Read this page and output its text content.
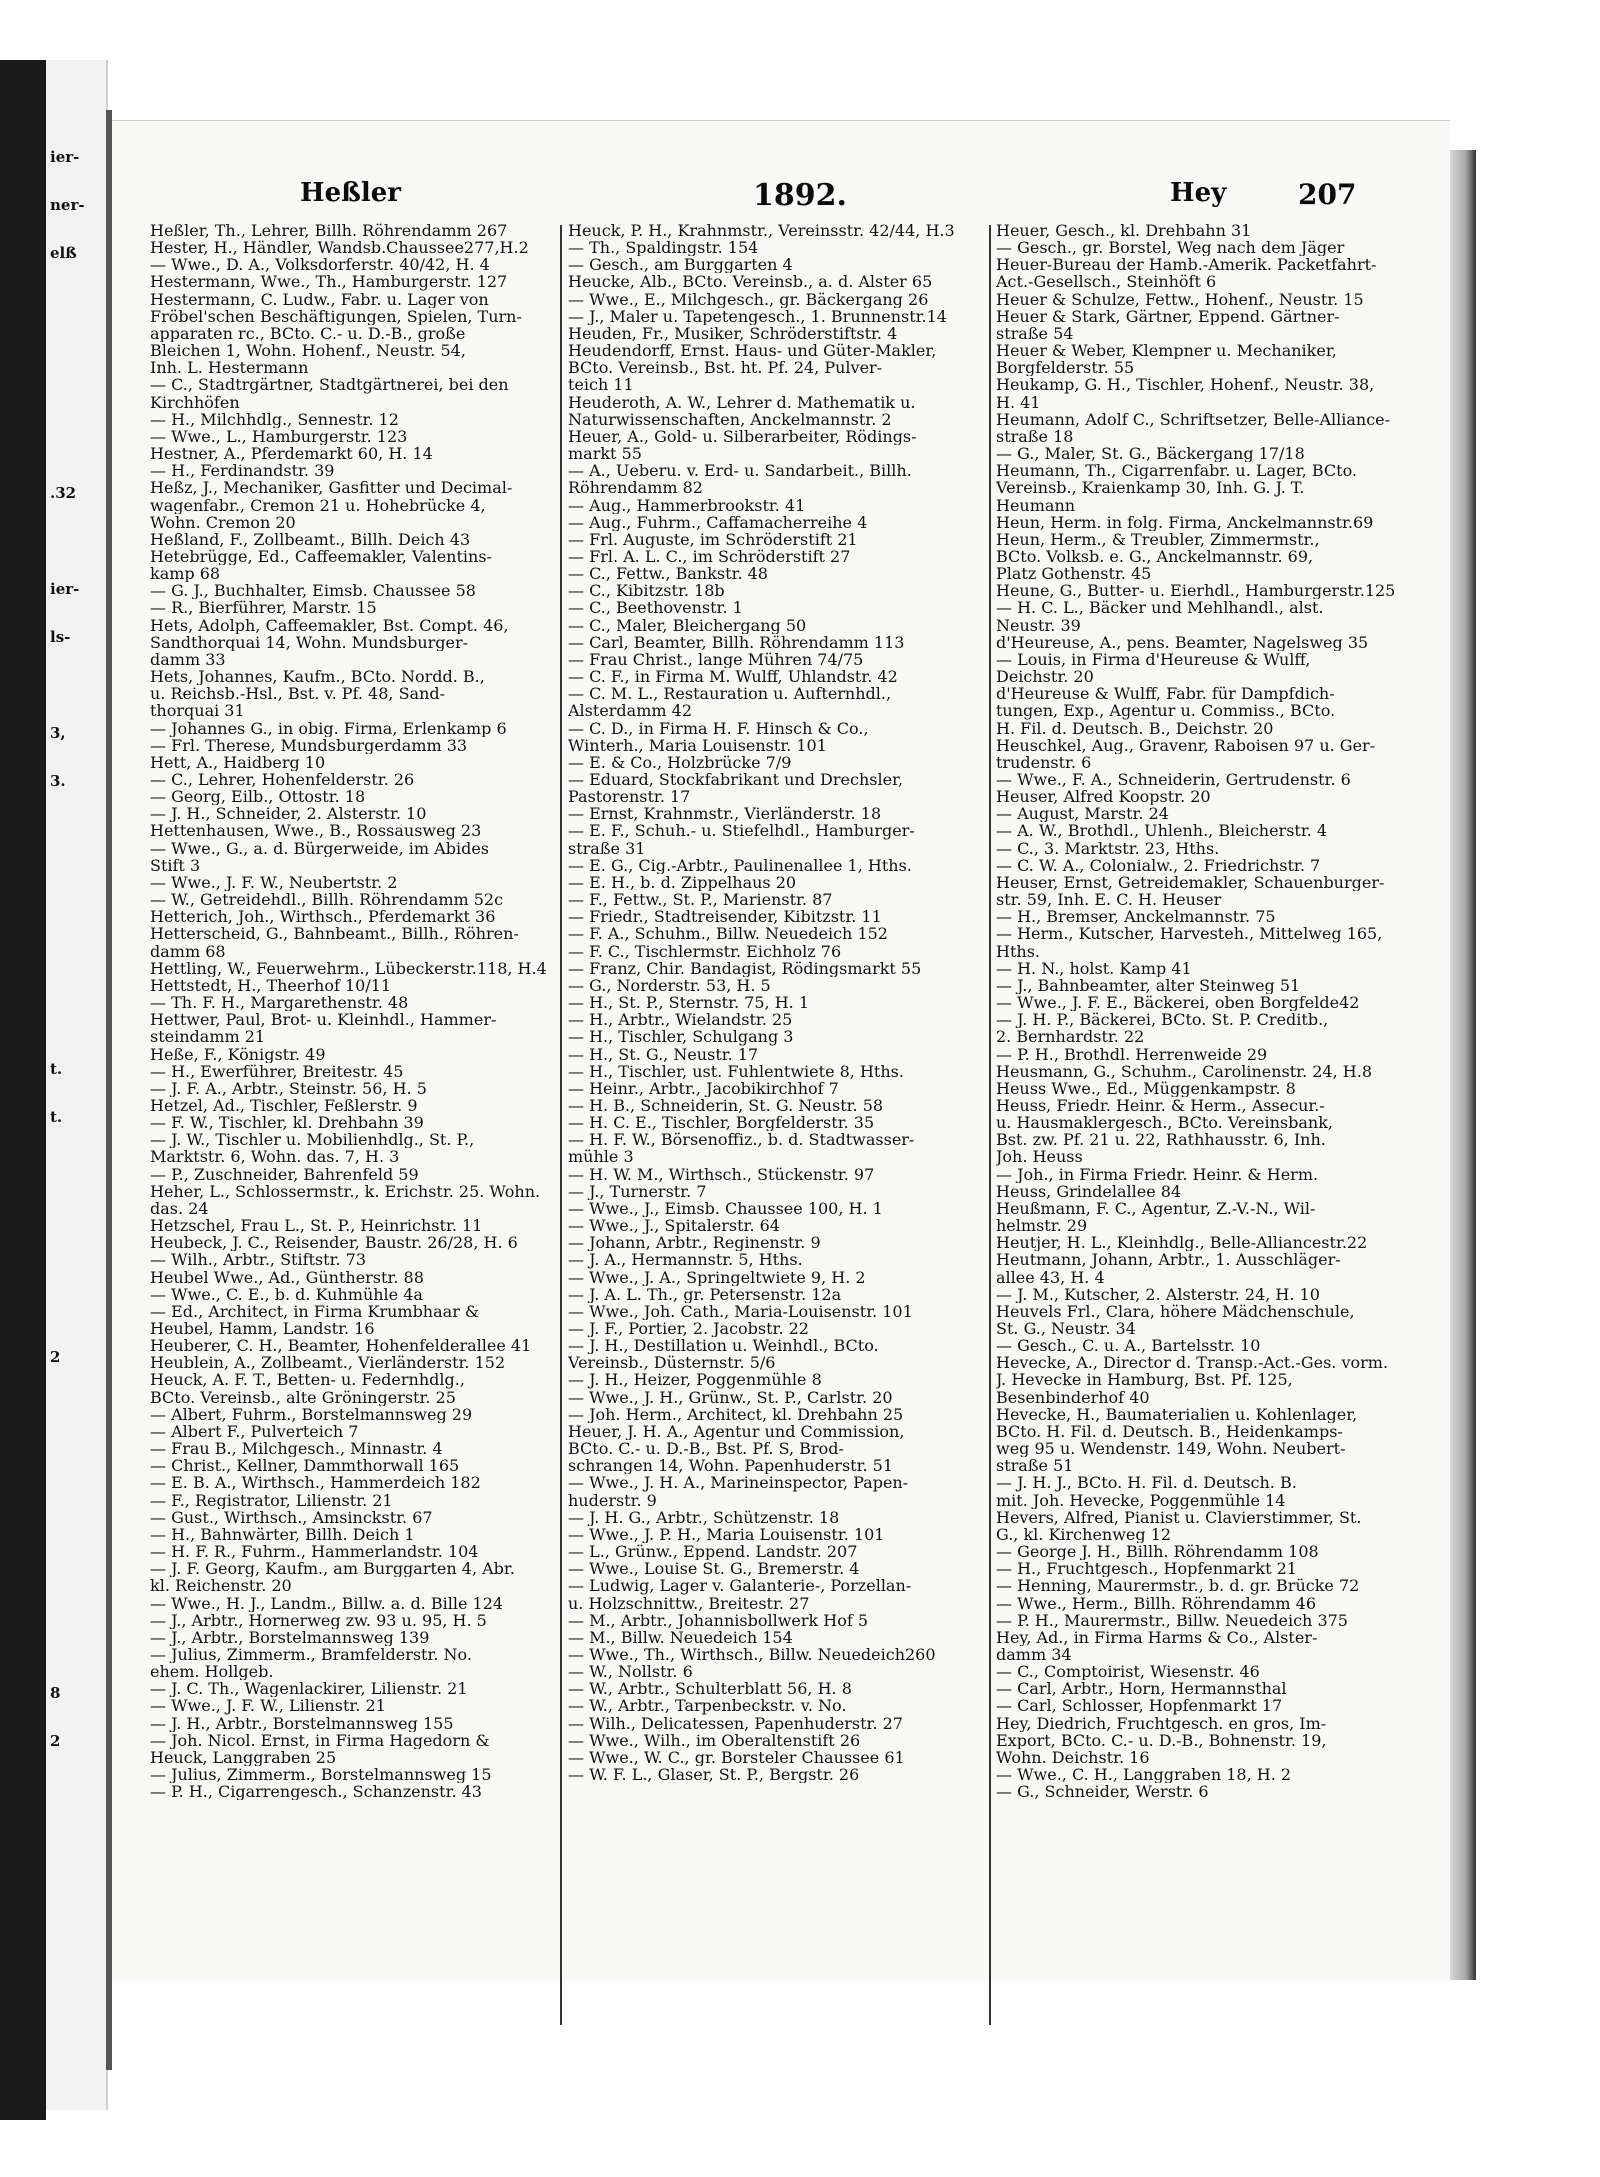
ier-
ner-
elß
.32
ier-
ls-
3,
3.
t.
t.
2
8
2
Heßler	1892.	Hey	207
Heßler, Th., Lehrer, Billh. Röhrendamm 267
Hester, H., Händler, Wandsb.Chaussee277,H.2
— Wwe., D. A., Volksdorferstr. 40/42, H. 4
Hestermann, Wwe., Th., Hamburgerstr. 127
Hestermann, C. Ludw., Fabr. u. Lager von
Fröbel'schen Beschäftigungen, Spielen, Turn-
apparaten rc., BCto. C.- u. D.-B., große
Bleichen 1, Wohn. Hohenf., Neustr. 54,
Inh. L. Hestermann
— C., Stadtrgärtner, Stadtgärtnerei, bei den
Kirchhöfen
— H., Milchhdlg., Sennestr. 12
— Wwe., L., Hamburgerstr. 123
Hestner, A., Pferdemarkt 60, H. 14
— H., Ferdinandstr. 39
Heßz, J., Mechaniker, Gasfitter und Decimal-
wagenfabr., Cremon 21 u. Hohebrücke 4,
Wohn. Cremon 20
Heßland, F., Zollbeamt., Billh. Deich 43
Hetebrügge, Ed., Caffeemakler, Valentins-
kamp 68
— G. J., Buchhalter, Eimsb. Chaussee 58
— R., Bierführer, Marstr. 15
Hets, Adolph, Caffeemakler, Bst. Compt. 46,
Sandthorquai 14, Wohn. Mundsburger-
damm 33
Hets, Johannes, Kaufm., BCto. Nordd. B.,
u. Reichsb.-Hsl., Bst. v. Pf. 48, Sand-
thorquai 31
— Johannes G., in obig. Firma, Erlenkamp 6
— Frl. Therese, Mundsburgerdamm 33
Hett, A., Haidberg 10
— C., Lehrer, Hohenfelderstr. 26
— Georg, Eilb., Ottostr. 18
— J. H., Schneider, 2. Alsterstr. 10
Hettenhausen, Wwe., B., Rossausweg 23
— Wwe., G., a. d. Bürgerweide, im Abides
Stift 3
— Wwe., J. F. W., Neubertstr. 2
— W., Getreidehdl., Billh. Röhrendamm 52c
Hetterich, Joh., Wirthsch., Pferdemarkt 36
Hetterscheid, G., Bahnbeamt., Billh., Röhren-
damm 68
Hettling, W., Feuerwehrm., Lübeckerstr.118, H.4
Hettstedt, H., Theerhof 10/11
— Th. F. H., Margarethenstr. 48
Hettwer, Paul, Brot- u. Kleinhdl., Hammer-
steindamm 21
Heße, F., Königstr. 49
— H., Ewerführer, Breitestr. 45
— J. F. A., Arbtr., Steinstr. 56, H. 5
Hetzel, Ad., Tischler, Feßlerstr. 9
— F. W., Tischler, kl. Drehbahn 39
— J. W., Tischler u. Mobilienhdlg., St. P.,
Marktstr. 6, Wohn. das. 7, H. 3
— P., Zuschneider, Bahrenfeld 59
Heher, L., Schlossermstr., k. Erichstr. 25. Wohn.
das. 24
Hetzschel, Frau L., St. P., Heinrichstr. 11
Heubeck, J. C., Reisender, Baustr. 26/28, H. 6
— Wilh., Arbtr., Stiftstr. 73
Heubel Wwe., Ad., Güntherstr. 88
— Wwe., C. E., b. d. Kuhmühle 4a
— Ed., Architect, in Firma Krumbhaar &
Heubel, Hamm, Landstr. 16
Heuberer, C. H., Beamter, Hohenfelderallee 41
Heublein, A., Zollbeamt., Vierländerstr. 152
Heuck, A. F. T., Betten- u. Federnhdlg.,
BCto. Vereinsb., alte Gröningerstr. 25
— Albert, Fuhrm., Borstelmannsweg 29
— Albert F., Pulverteich 7
— Frau B., Milchgesch., Minnastr. 4
— Christ., Kellner, Dammthorwall 165
— E. B. A., Wirthsch., Hammerdeich 182
— F., Registrator, Lilienstr. 21
— Gust., Wirthsch., Amsinckstr. 67
— H., Bahnwärter, Billh. Deich 1
— H. F. R., Fuhrm., Hammerlandstr. 104
— J. F. Georg, Kaufm., am Burggarten 4, Abr.
kl. Reichenstr. 20
— Wwe., H. J., Landm., Billw. a. d. Bille 124
— J., Arbtr., Hornerweg zw. 93 u. 95, H. 5
— J., Arbtr., Borstelmannsweg 139
— Julius, Zimmerm., Bramfelderstr. No.
ehem. Hollgeb.
— J. C. Th., Wagenlackirer, Lilienstr. 21
— Wwe., J. F. W., Lilienstr. 21
— J. H., Arbtr., Borstelmannsweg 155
— Joh. Nicol. Ernst, in Firma Hagedorn &
Heuck, Langgraben 25
— Julius, Zimmerm., Borstelmannsweg 15
— P. H., Cigarrengesch., Schanzenstr. 43
Heuck, P. H., Krahnmstr., Vereinsstr. 42/44, H.3
— Th., Spaldingstr. 154
— Gesch., am Burggarten 4
Heucke, Alb., BCto. Vereinsb., a. d. Alster 65
— Wwe., E., Milchgesch., gr. Bäckergang 26
— J., Maler u. Tapetengesch., 1. Brunnenstr.14
Heuden, Fr., Musiker, Schröderstiftstr. 4
Heudendorff, Ernst. Haus- und Güter-Makler,
BCto. Vereinsb., Bst. ht. Pf. 24, Pulver-
teich 11
Heuderoth, A. W., Lehrer d. Mathematik u.
Naturwissenschaften, Anckelmannstr. 2
Heuer, A., Gold- u. Silberarbeiter, Rödings-
markt 55
— A., Ueberu. v. Erd- u. Sandarbeit., Billh.
Röhrendamm 82
— Aug., Hammerbrookstr. 41
— Aug., Fuhrm., Caffamacherreihe 4
— Frl. Auguste, im Schröderstift 21
— Frl. A. L. C., im Schröderstift 27
— C., Fettw., Bankstr. 48
— C., Kibitzstr. 18b
— C., Beethovenstr. 1
— C., Maler, Bleichergang 50
— Carl, Beamter, Billh. Röhrendamm 113
— Frau Christ., lange Mühren 74/75
— C. F., in Firma M. Wulff, Uhlandstr. 42
— C. M. L., Restauration u. Aufternhdl.,
Alsterdamm 42
— C. D., in Firma H. F. Hinsch & Co.,
Winterh., Maria Louisenstr. 101
— E. & Co., Holzbrücke 7/9
— Eduard, Stockfabrikant und Drechsler,
Pastorenstr. 17
— Ernst, Krahnmstr., Vierländerstr. 18
— E. F., Schuh.- u. Stiefelhdl., Hamburger-
straße 31
— E. G., Cig.-Arbtr., Paulinenallee 1, Hths.
— E. H., b. d. Zippelhaus 20
— F., Fettw., St. P., Marienstr. 87
— Friedr., Stadtreisender, Kibitzstr. 11
— F. A., Schuhm., Billw. Neuedeich 152
— F. C., Tischlermstr. Eichholz 76
— Franz, Chir. Bandagist, Rödingsmarkt 55
— G., Norderstr. 53, H. 5
— H., St. P., Sternstr. 75, H. 1
— H., Arbtr., Wielandstr. 25
— H., Tischler, Schulgang 3
— H., St. G., Neustr. 17
— H., Tischler, ust. Fuhlentwiete 8, Hths.
— Heinr., Arbtr., Jacobikirchhof 7
— H. B., Schneiderin, St. G. Neustr. 58
— H. C. E., Tischler, Borgfelderstr. 35
— H. F. W., Börsenoffiz., b. d. Stadtwasser-
mühle 3
— H. W. M., Wirthsch., Stückenstr. 97
— J., Turnerstr. 7
— Wwe., J., Eimsb. Chaussee 100, H. 1
— Wwe., J., Spitalerstr. 64
— Johann, Arbtr., Reginenstr. 9
— J. A., Hermannstr. 5, Hths.
— Wwe., J. A., Springeltwiete 9, H. 2
— J. A. L. Th., gr. Petersenstr. 12a
— Wwe., Joh. Cath., Maria-Louisenstr. 101
— J. F., Portier, 2. Jacobstr. 22
— J. H., Destillation u. Weinhdl., BCto.
Vereinsb., Düsternstr. 5/6
— J. H., Heizer, Poggenmühle 8
— Wwe., J. H., Grünw., St. P., Carlstr. 20
— Joh. Herm., Architect, kl. Drehbahn 25
Heuer, J. H. A., Agentur und Commission,
BCto. C.- u. D.-B., Bst. Pf. S, Brod-
schrangen 14, Wohn. Papenhuderstr. 51
— Wwe., J. H. A., Marineinspector, Papen-
huderstr. 9
— J. H. G., Arbtr., Schützenstr. 18
— Wwe., J. P. H., Maria Louisenstr. 101
— L., Grünw., Eppend. Landstr. 207
— Wwe., Louise St. G., Bremerstr. 4
— Ludwig, Lager v. Galanterie-, Porzellan-
u. Holzschnittw., Breitestr. 27
— M., Arbtr., Johannisbollwerk Hof 5
— M., Billw. Neuedeich 154
— Wwe., Th., Wirthsch., Billw. Neuedeich260
— W., Nollstr. 6
— W., Arbtr., Schulterblatt 56, H. 8
— W., Arbtr., Tarpenbeckstr. v. No.
— Wilh., Delicatessen, Papenhuderstr. 27
— Wwe., Wilh., im Oberaltenstift 26
— Wwe., W. C., gr. Borsteler Chaussee 61
— W. F. L., Glaser, St. P., Bergstr. 26
Heuer, Gesch., kl. Drehbahn 31
— Gesch., gr. Borstel, Weg nach dem Jäger
Heuer-Bureau der Hamb.-Amerik. Packetfahrt-
Act.-Gesellsch., Steinhöft 6
Heuer & Schulze, Fettw., Hohenf., Neustr. 15
Heuer & Stark, Gärtner, Eppend. Gärtner-
straße 54
Heuer & Weber, Klempner u. Mechaniker,
Borgfelderstr. 55
Heukamp, G. H., Tischler, Hohenf., Neustr. 38,
H. 41
Heumann, Adolf C., Schriftsetzer, Belle-Alliance-
straße 18
— G., Maler, St. G., Bäckergang 17/18
Heumann, Th., Cigarrenfabr. u. Lager, BCto.
Vereinsb., Kraienkamp 30, Inh. G. J. T.
Heumann
Heun, Herm. in folg. Firma, Anckelmannstr.69
Heun, Herm., & Treubler, Zimmermstr.,
BCto. Volksb. e. G., Anckelmannstr. 69,
Platz Gothenstr. 45
Heune, G., Butter- u. Eierhdl., Hamburgerstr.125
— H. C. L., Bäcker und Mehlhandl., alst.
Neustr. 39
d'Heureuse, A., pens. Beamter, Nagelsweg 35
— Louis, in Firma d'Heureuse & Wulff,
Deichstr. 20
d'Heureuse & Wulff, Fabr. für Dampfdich-
tungen, Exp., Agentur u. Commiss., BCto.
H. Fil. d. Deutsch. B., Deichstr. 20
Heuschkel, Aug., Gravenr, Raboisen 97 u. Ger-
trudenstr. 6
— Wwe., F. A., Schneiderin, Gertrudenstr. 6
Heuser, Alfred Koopstr. 20
— August, Marstr. 24
— A. W., Brothdl., Uhlenh., Bleicherstr. 4
— C., 3. Marktstr. 23, Hths.
— C. W. A., Colonialw., 2. Friedrichstr. 7
Heuser, Ernst, Getreidemakler, Schauenburger-
str. 59, Inh. E. C. H. Heuser
— H., Bremser, Anckelmannstr. 75
— Herm., Kutscher, Harvesteh., Mittelweg 165,
Hths.
— H. N., holst. Kamp 41
— J., Bahnbeamter, alter Steinweg 51
— Wwe., J. F. E., Bäckerei, oben Borgfelde42
— J. H. P., Bäckerei, BCto. St. P. Creditb.,
2. Bernhardstr. 22
— P. H., Brothdl. Herrenweide 29
Heusmann, G., Schuhm., Carolinenstr. 24, H.8
Heuss Wwe., Ed., Müggenkampstr. 8
Heuss, Friedr. Heinr. & Herm., Assecur.-
u. Hausmaklergesch., BCto. Vereinsbank,
Bst. zw. Pf. 21 u. 22, Rathhausstr. 6, Inh.
Joh. Heuss
— Joh., in Firma Friedr. Heinr. & Herm.
Heuss, Grindelallee 84
Heußmann, F. C., Agentur, Z.-V.-N., Wil-
helmstr. 29
Heutjer, H. L., Kleinhdlg., Belle-Alliancestr.22
Heutmann, Johann, Arbtr., 1. Ausschläger-
allee 43, H. 4
— J. M., Kutscher, 2. Alsterstr. 24, H. 10
Heuvels Frl., Clara, höhere Mädchenschule,
St. G., Neustr. 34
— Gesch., C. u. A., Bartelsstr. 10
Hevecke, A., Director d. Transp.-Act.-Ges. vorm.
J. Hevecke in Hamburg, Bst. Pf. 125,
Besenbinderhof 40
Hevecke, H., Baumaterialien u. Kohlenlager,
BCto. H. Fil. d. Deutsch. B., Heidenkamps-
weg 95 u. Wendenstr. 149, Wohn. Neubert-
straße 51
— J. H. J., BCto. H. Fil. d. Deutsch. B.
mit. Joh. Hevecke, Poggenmühle 14
Hevers, Alfred, Pianist u. Clavierstimmer, St.
G., kl. Kirchenweg 12
— George J. H., Billh. Röhrendamm 108
— H., Fruchtgesch., Hopfenmarkt 21
— Henning, Maurermstr., b. d. gr. Brücke 72
— Wwe., Herm., Billh. Röhrendamm 46
— P. H., Maurermstr., Billw. Neuedeich 375
Hey, Ad., in Firma Harms & Co., Alster-
damm 34
— C., Comptoirist, Wiesenstr. 46
— Carl, Arbtr., Horn, Hermannsthal
— Carl, Schlosser, Hopfenmarkt 17
Hey, Diedrich, Fruchtgesch. en gros, Im-
Export, BCto. C.- u. D.-B., Bohnenstr. 19,
Wohn. Deichstr. 16
— Wwe., C. H., Langgraben 18, H. 2
— G., Schneider, Werstr. 6
